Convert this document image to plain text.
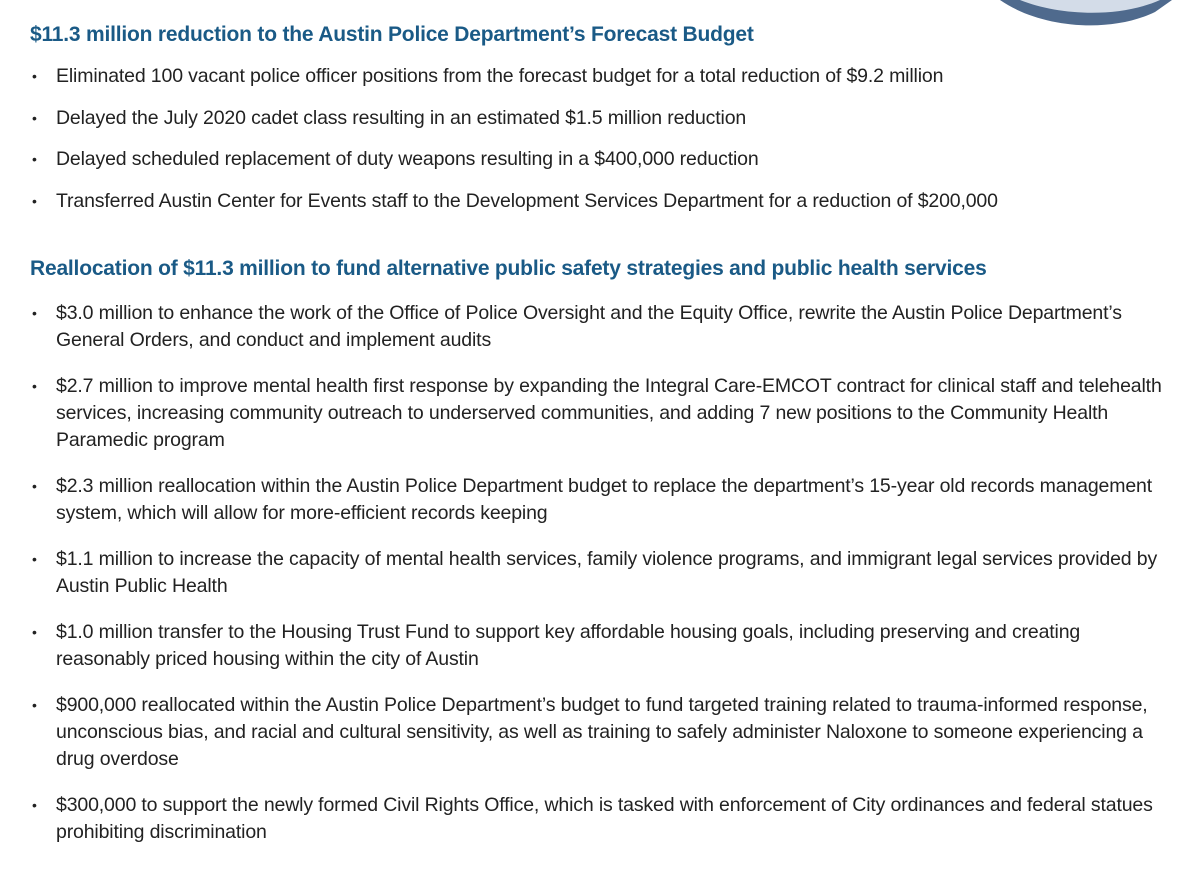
$11.3 million reduction to the Austin Police Department’s Forecast Budget
• Eliminated 100 vacant police officer positions from the forecast budget for a total reduction of $9.2 million
• Delayed the July 2020 cadet class resulting in an estimated $1.5 million reduction
• Delayed scheduled replacement of duty weapons resulting in a $400,000 reduction
• Transferred Austin Center for Events staff to the Development Services Department for a reduction of $200,000
Reallocation of $11.3 million to fund alternative public safety strategies and public health services
• $3.0 million to enhance the work of the Office of Police Oversight and the Equity Office, rewrite the Austin Police Department’s General Orders, and conduct and implement audits
• $2.7 million to improve mental health first response by expanding the Integral Care-EMCOT contract for clinical staff and telehealth services, increasing community outreach to underserved communities, and adding 7 new positions to the Community Health Paramedic program
• $2.3 million reallocation within the Austin Police Department budget to replace the department’s 15-year old records management system, which will allow for more-efficient records keeping
• $1.1 million to increase the capacity of mental health services, family violence programs, and immigrant legal services provided by Austin Public Health
• $1.0 million transfer to the Housing Trust Fund to support key affordable housing goals, including preserving and creating reasonably priced housing within the city of Austin
• $900,000 reallocated within the Austin Police Department’s budget to fund targeted training related to trauma-informed response, unconscious bias, and racial and cultural sensitivity, as well as training to safely administer Naloxone to someone experiencing a drug overdose
• $300,000 to support the newly formed Civil Rights Office, which is tasked with enforcement of City ordinances and federal statues prohibiting discrimination
